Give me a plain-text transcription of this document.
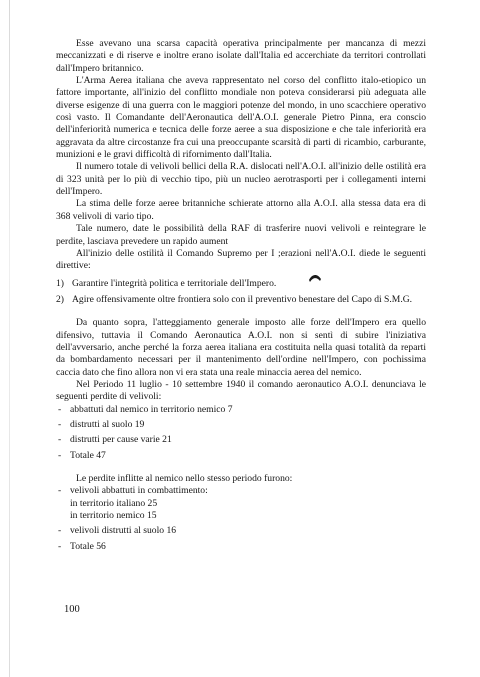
Esse avevano una scarsa capacità operativa principalmente per mancanza di mezzi meccanizzati e di riserve e inoltre erano isolate dall'Italia ed accerchiate da territori controllati dall'Impero britannico.

L'Arma Aerea italiana che aveva rappresentato nel corso del conflitto italo-etiopico un fattore importante, all'inizio del conflitto mondiale non poteva considerarsi più adeguata alle diverse esigenze di una guerra con le maggiori potenze del mondo, in uno scacchiere operativo così vasto. Il Comandante dell'Aeronautica dell'A.O.I. generale Pietro Pinna, era conscio dell'inferiorità numerica e tecnica delle forze aeree a sua disposizione e che tale inferiorità era aggravata da altre circostanze fra cui una preoccupante scarsità di parti di ricambio, carburante, munizioni e le gravi difficoltà di rifornimento dall'Italia.

Il numero totale di velivoli bellici della R.A. dislocati nell'A.O.I. all'inizio delle ostilità era di 323 unità per lo più di vecchio tipo, più un nucleo aerotrasporti per i collegamenti interni dell'Impero.

La stima delle forze aeree britanniche schierate attorno alla A.O.I. alla stessa data era di 368 velivoli di vario tipo.

Tale numero, date le possibilità della RAF di trasferire nuovi velivoli e reintegrare le perdite, lasciava prevedere un rapido aument

All'inizio delle ostilità il Comando Supremo per I ;erazioni nell'A.O.I. diede le seguenti direttive:

1) Garantire l'integrità politica e territoriale dell'Impero.
2) Agire offensivamente oltre frontiera solo con il preventivo benestare del Capo di S.M.G.

Da quanto sopra, l'atteggiamento generale imposto alle forze dell'Impero era quello difensivo, tuttavia il Comando Aeronautica A.O.I. non si sentì di subire l'iniziativa dell'avversario, anche perché la forza aerea italiana era costituita nella quasi totalità da reparti da bombardamento necessari per il mantenimento dell'ordine nell'Impero, con pochissima caccia dato che fino allora non vi era stata una reale minaccia aerea del nemico.

Nel Periodo 11 luglio - 10 settembre 1940 il comando aeronautico A.O.I. denunciava le seguenti perdite di velivoli:

- abbattuti dal nemico in territorio nemico 7
- distrutti al suolo 19
- distrutti per cause varie 21
- Totale 47

Le perdite inflitte al nemico nello stesso periodo furono:

- velivoli abbattuti in combattimento:
in territorio italiano 25
in territorio nemico 15
- velivoli distrutti al suolo 16
- Totale 56
100
